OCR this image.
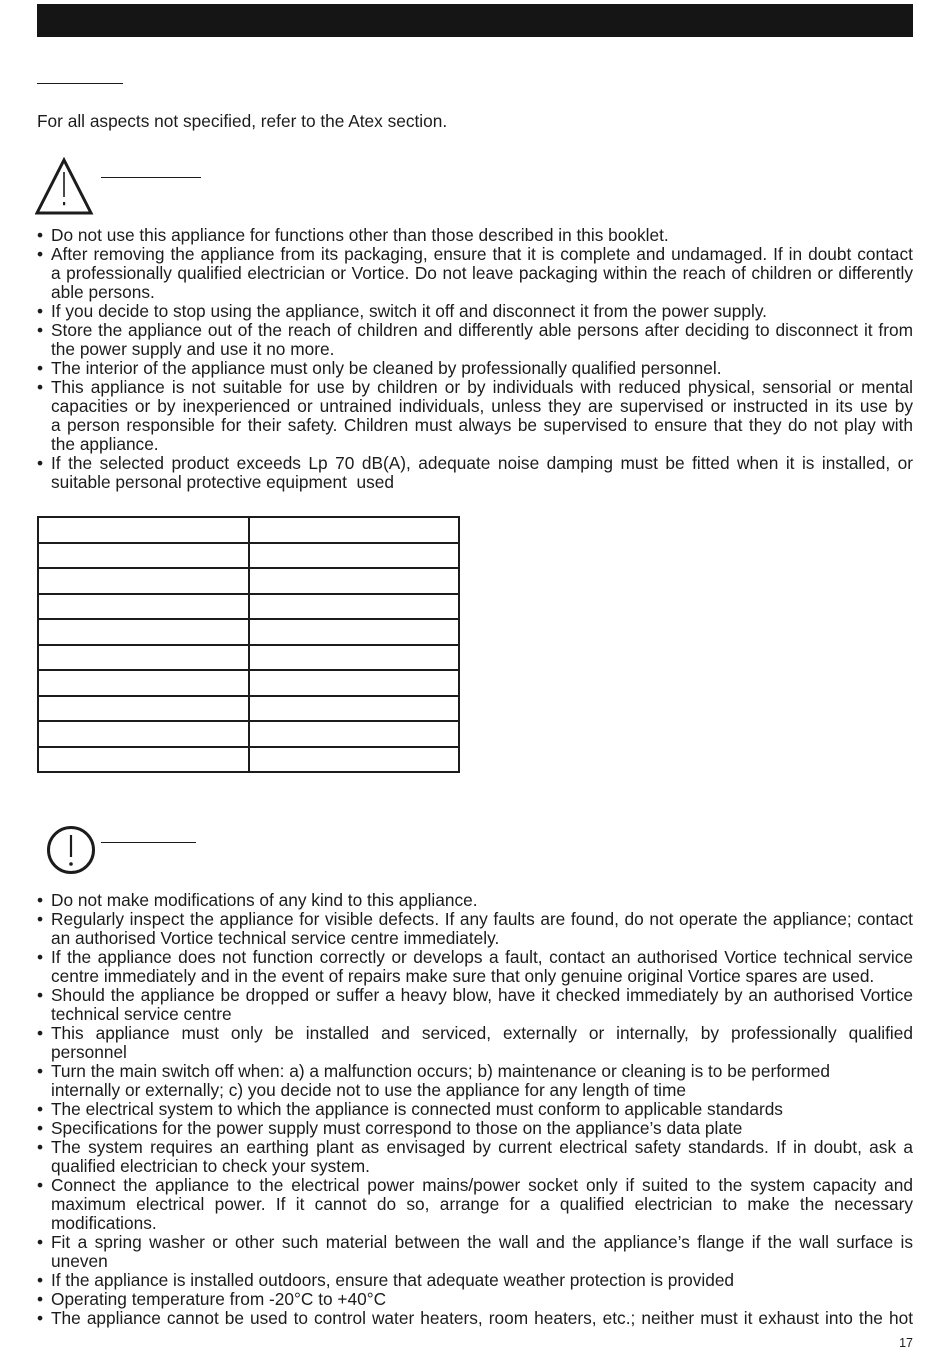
For all aspects not specified, refer to the Atex section.
• Do not use this appliance for functions other than those described in this booklet.
• After removing the appliance from its packaging, ensure that it is complete and undamaged. If in doubt contact
a professionally qualified electrician or Vortice. Do not leave packaging within the reach of children or differently
able persons.
• If you decide to stop using the appliance, switch it off and disconnect it from the power supply.
• Store the appliance out of the reach of children and differently able persons after deciding to disconnect it from
the power supply and use it no more.
• The interior of the appliance must only be cleaned by professionally qualified personnel.
• This appliance is not suitable for use by children or by individuals with reduced physical, sensorial or mental
capacities or by inexperienced or untrained individuals, unless they are supervised or instructed in its use by
a person responsible for their safety. Children must always be supervised to ensure that they do not play with
the appliance.
• If the selected product exceeds Lp 70 dB(A), adequate noise damping must be fitted when it is installed, or
suitable personal protective equipment  used
• Do not make modifications of any kind to this appliance.
• Regularly inspect the appliance for visible defects. If any faults are found, do not operate the appliance; contact
an authorised Vortice technical service centre immediately.
• If the appliance does not function correctly or develops a fault, contact an authorised Vortice technical service
centre immediately and in the event of repairs make sure that only genuine original Vortice spares are used.
• Should the appliance be dropped or suffer a heavy blow, have it checked immediately by an authorised Vortice
technical service centre
• This appliance must only be installed and serviced, externally or internally, by professionally qualified
personnel
• Turn the main switch off when: a) a malfunction occurs; b) maintenance or cleaning is to be performed
internally or externally; c) you decide not to use the appliance for any length of time
• The electrical system to which the appliance is connected must conform to applicable standards
• Specifications for the power supply must correspond to those on the appliance’s data plate
• The system requires an earthing plant as envisaged by current electrical safety standards. If in doubt, ask a
qualified electrician to check your system.
• Connect the appliance to the electrical power mains/power socket only if suited to the system capacity and
maximum electrical power. If it cannot do so, arrange for a qualified electrician to make the necessary
modifications.
• Fit a spring washer or other such material between the wall and the appliance’s flange if the wall surface is
uneven
• If the appliance is installed outdoors, ensure that adequate weather protection is provided
• Operating temperature from -20°C to +40°C
• The appliance cannot be used to control water heaters, room heaters, etc.; neither must it exhaust into the hot
17
